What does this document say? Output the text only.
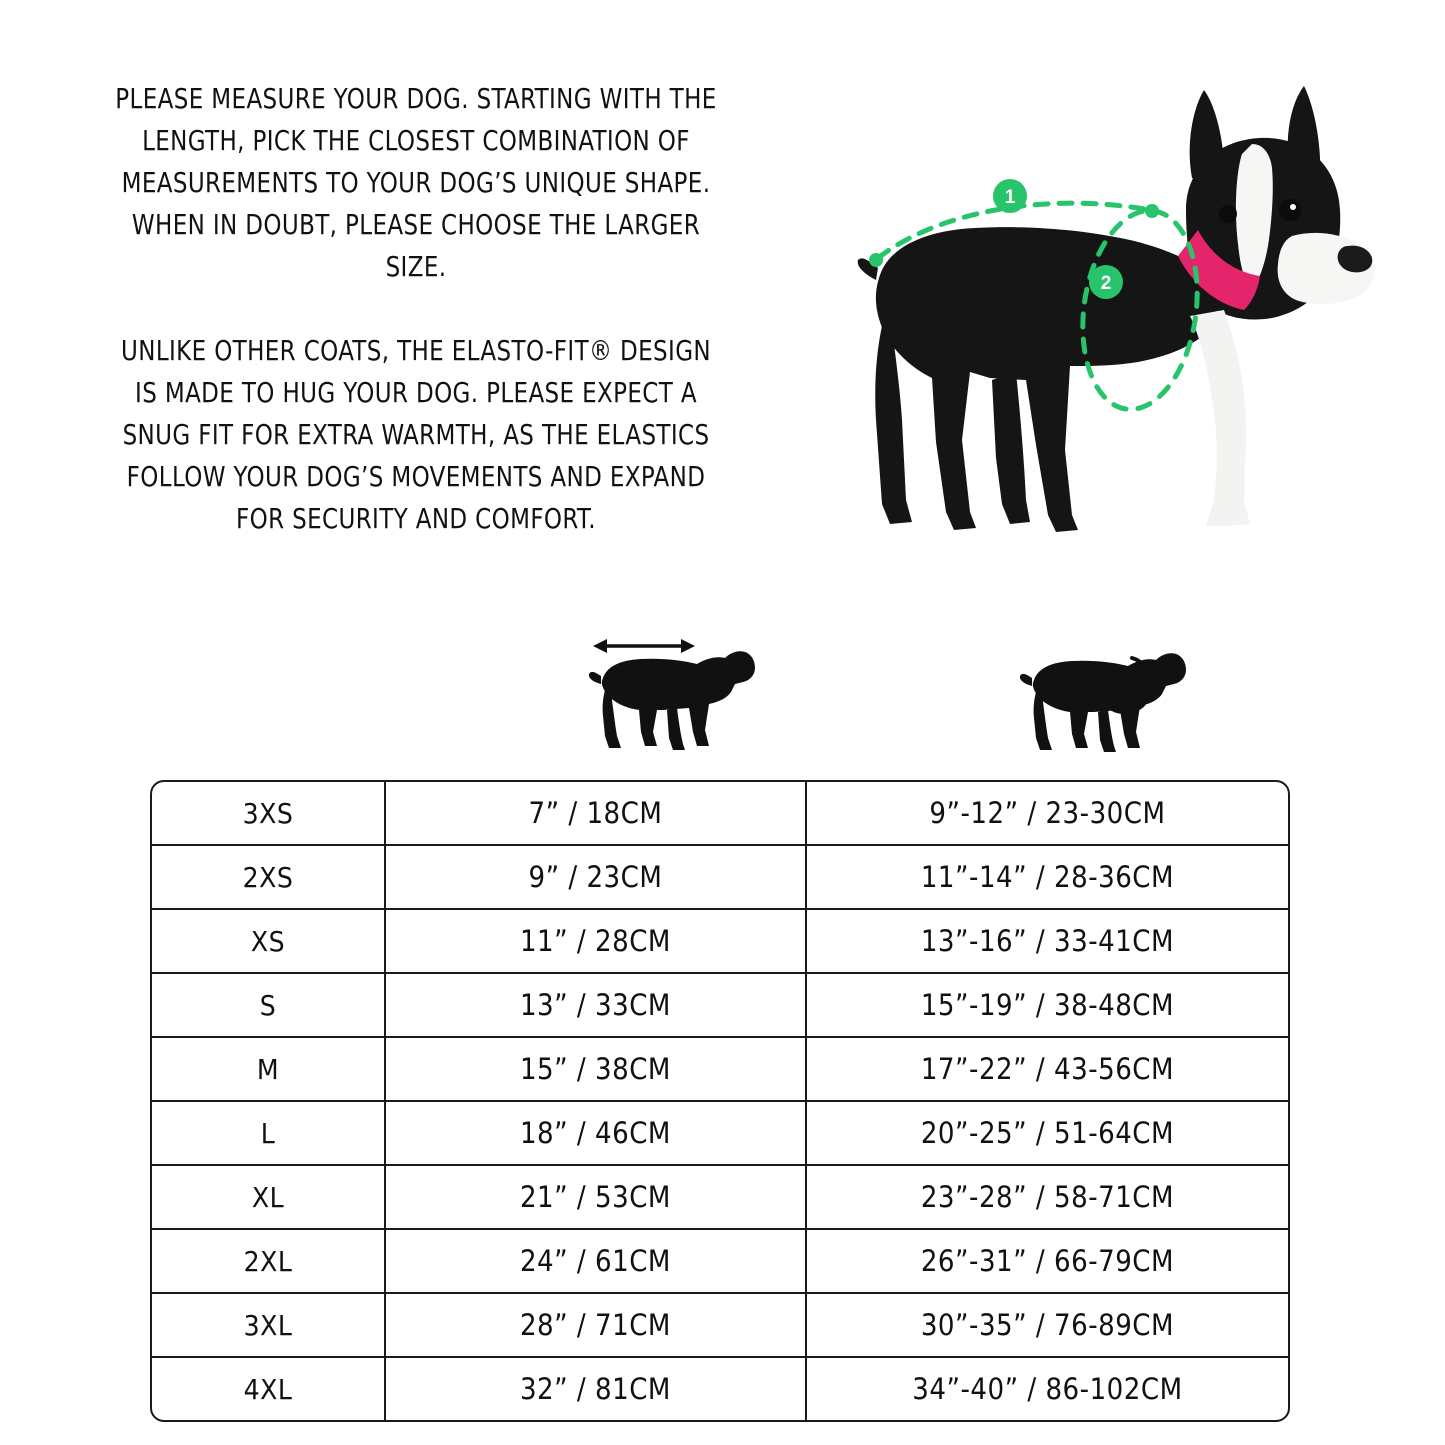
PLEASE MEASURE YOUR DOG. STARTING WITH THE LENGTH, PICK THE CLOSEST COMBINATION OF MEASUREMENTS TO YOUR DOG’S UNIQUE SHAPE. WHEN IN DOUBT, PLEASE CHOOSE THE LARGER SIZE.

UNLIKE OTHER COATS, THE ELASTO-FIT® DESIGN IS MADE TO HUG YOUR DOG. PLEASE EXPECT A SNUG FIT FOR EXTRA WARMTH, AS THE ELASTICS FOLLOW YOUR DOG’S MOVEMENTS AND EXPAND FOR SECURITY AND COMFORT.

1
2
3XS	7” / 18CM	9”-12” / 23-30CM
2XS	9” / 23CM	11”-14” / 28-36CM
XS	11” / 28CM	13”-16” / 33-41CM
S	13” / 33CM	15”-19” / 38-48CM
M	15” / 38CM	17”-22” / 43-56CM
L	18” / 46CM	20”-25” / 51-64CM
XL	21” / 53CM	23”-28” / 58-71CM
2XL	24” / 61CM	26”-31” / 66-79CM
3XL	28” / 71CM	30”-35” / 76-89CM
4XL	32” / 81CM	34”-40” / 86-102CM
